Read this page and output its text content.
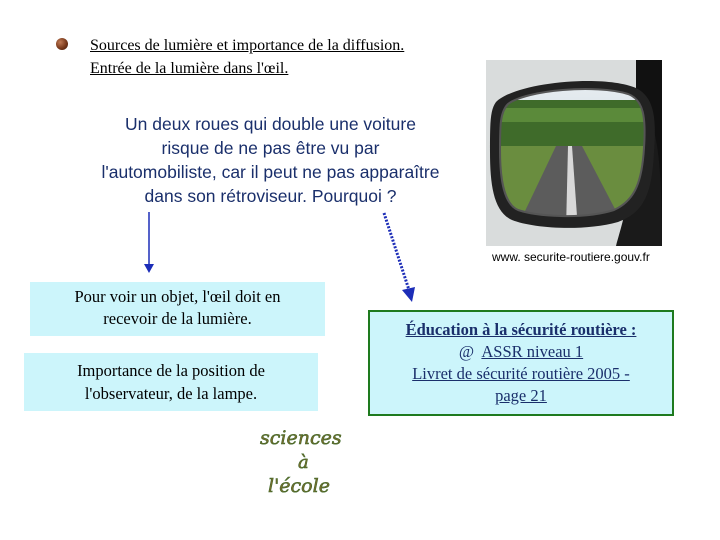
Sources de lumière et importance de la diffusion.
Entrée de la lumière dans l'œil.
Un deux roues qui double une voiture
risque de ne pas être vu par
l'automobiliste, car il peut ne pas apparaître
dans son rétroviseur. Pourquoi ?
www. securite-routiere.gouv.fr
Pour voir un objet, l'œil doit en
recevoir de la lumière.
Importance de la position de
l'observateur, de la lampe.
Éducation à la sécurité routière :
@ ASSR niveau 1
Livret de sécurité routière 2005 -
page 21
sciences
à
l'école
